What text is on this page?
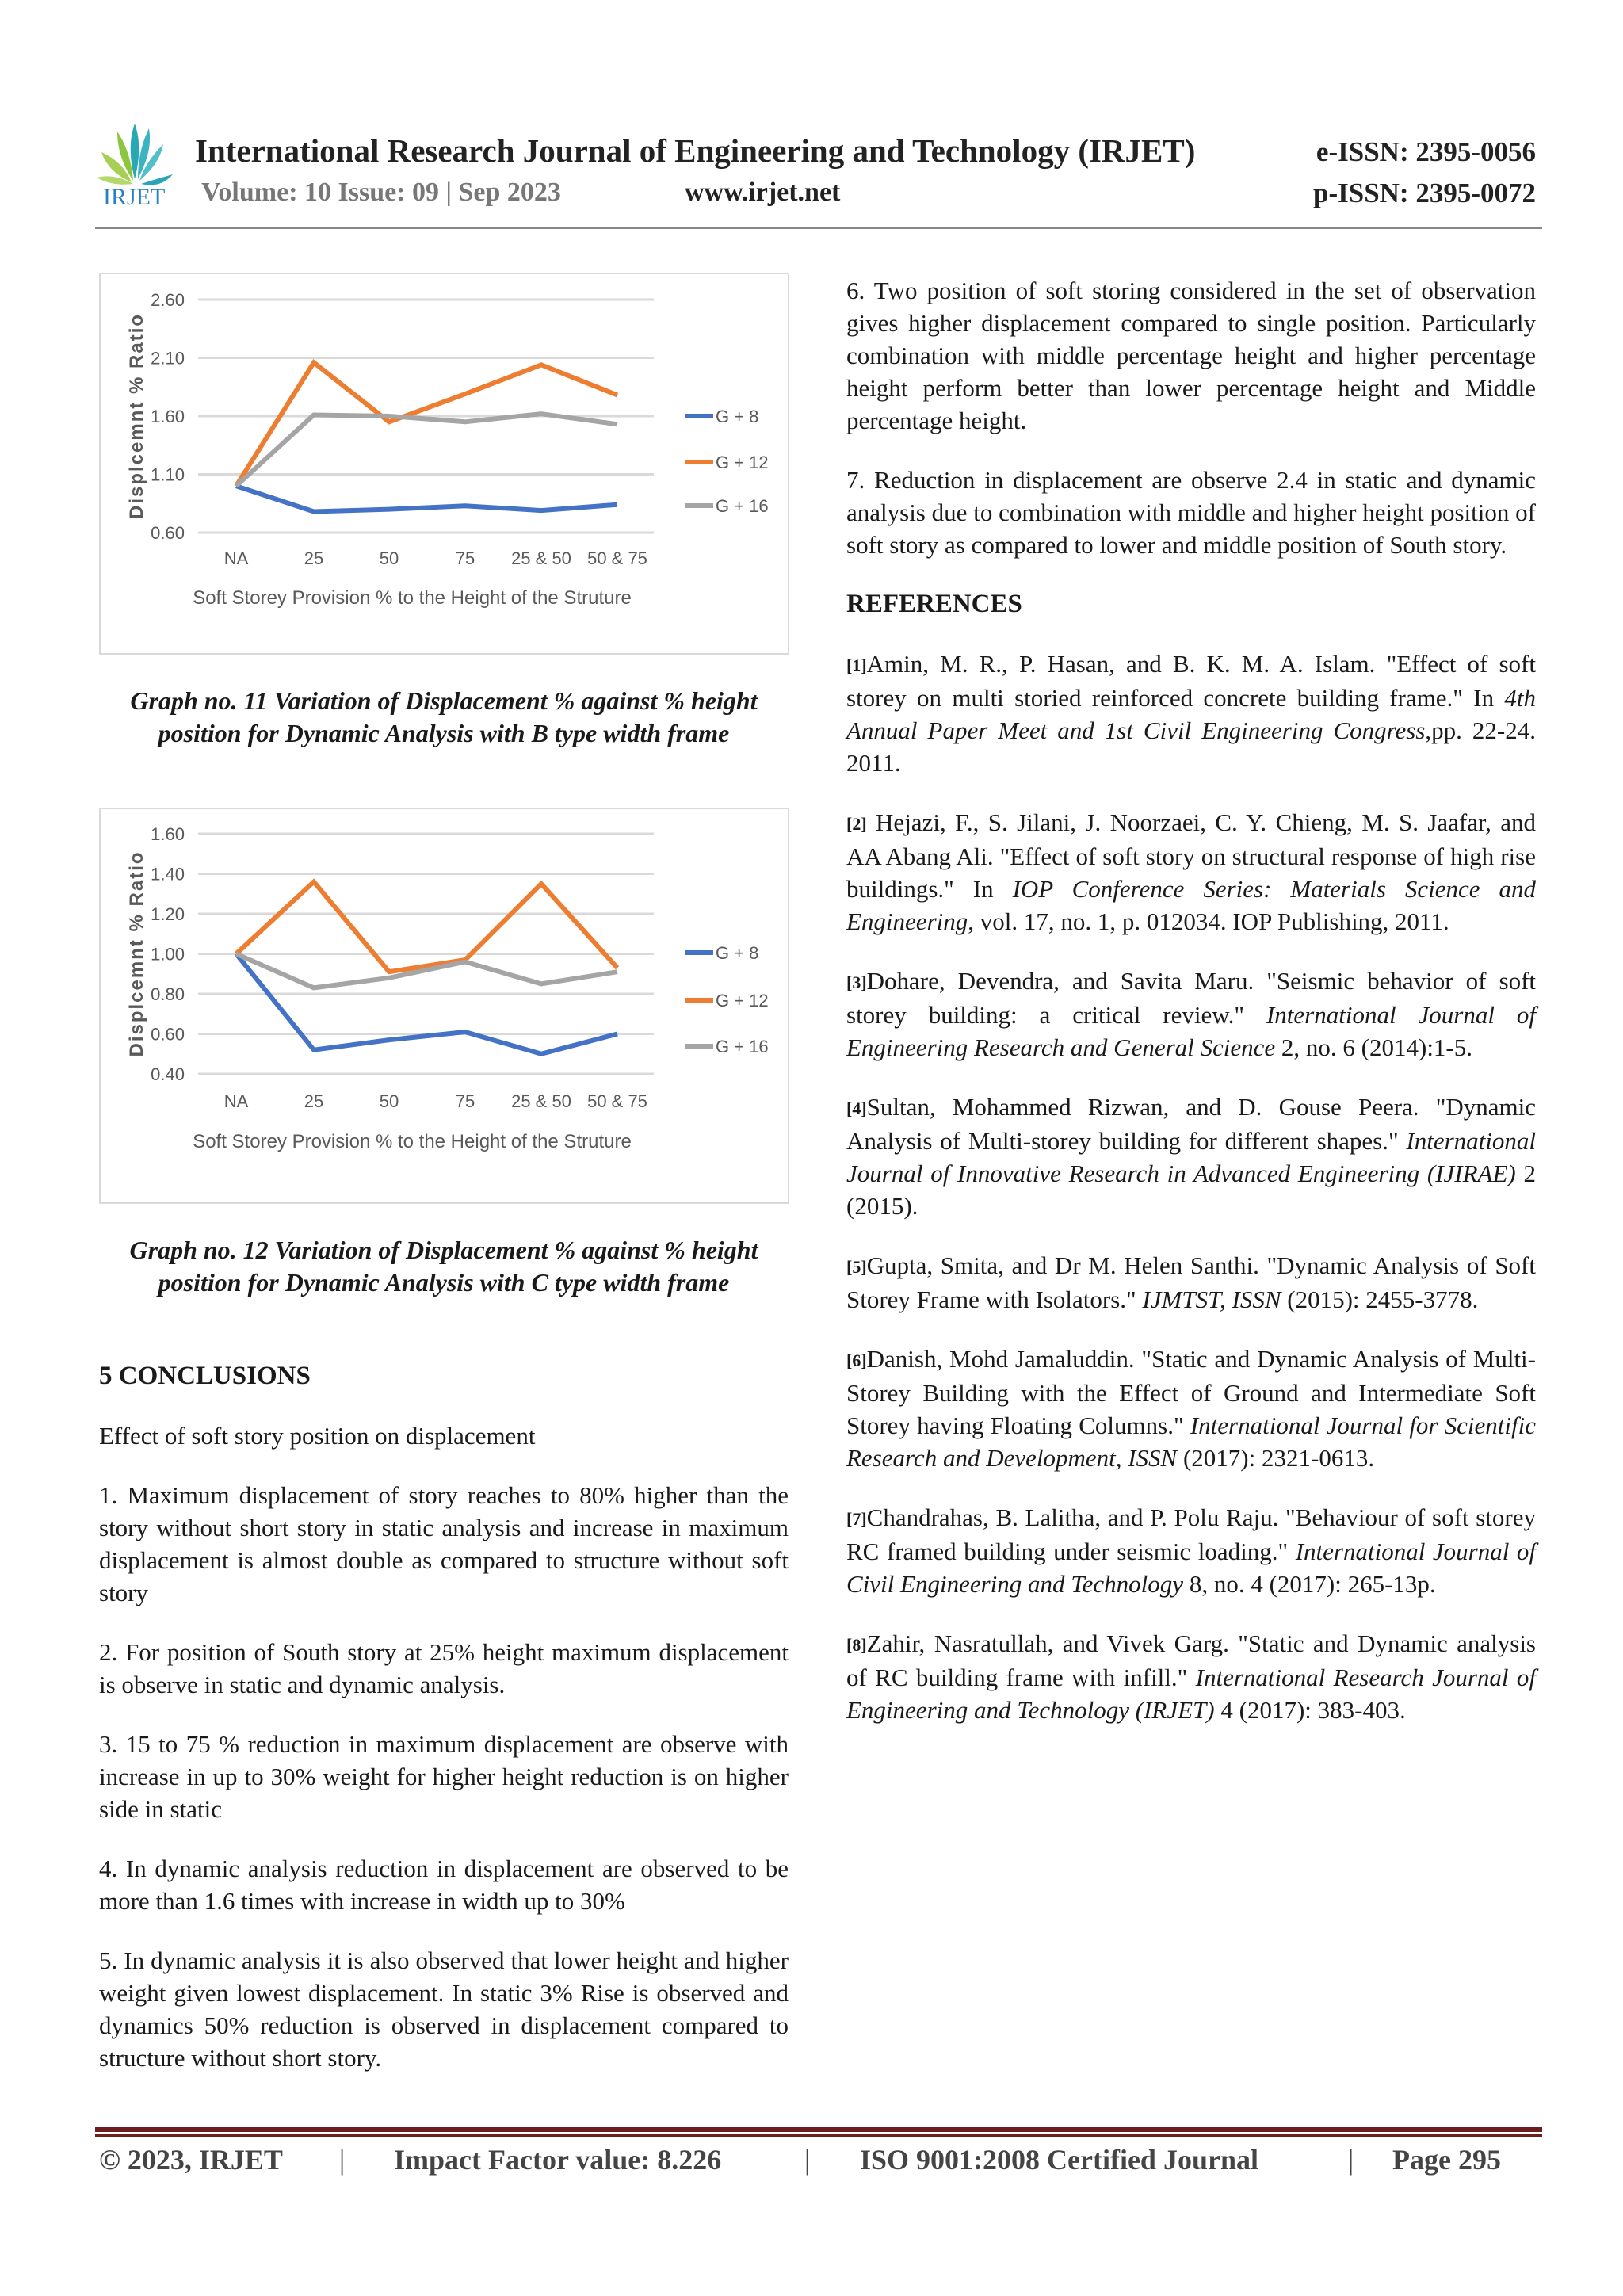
IRJET
International Research Journal of Engineering and Technology (IRJET)
Volume: 10 Issue: 09 | Sep 2023	www.irjet.net
e-ISSN: 2395-0056
p-ISSN: 2395-0072
0.60
1.10
1.60
2.10
2.60
NA	25	50	75 25 & 50 50 & 75
Soft Storey Provision % to the Height of the Struture
Displcemnt % Ratio	G + 8
G + 12
G + 16
Graph no. 11 Variation of Displacement % against % height position for Dynamic Analysis with B type width frame
0.40
0.60
0.80
1.00
1.20
1.40
1.60
NA	25	50	75 25 & 50 50 & 75
Soft Storey Provision % to the Height of the Struture
Displcemnt % Ratio	G + 8
G + 12
G + 16
Graph no. 12 Variation of Displacement % against % height position for Dynamic Analysis with C type width frame
5 CONCLUSIONS

Effect of soft story position on displacement

1. Maximum displacement of story reaches to 80% higher than the story without short story in static analysis and increase in maximum displacement is almost double as compared to structure without soft story

2. For position of South story at 25% height maximum displacement is observe in static and dynamic analysis.

3. 15 to 75 % reduction in maximum displacement are observe with increase in up to 30% weight for higher height reduction is on higher side in static

4. In dynamic analysis reduction in displacement are observed to be more than 1.6 times with increase in width up to 30%

5. In dynamic analysis it is also observed that lower height and higher weight given lowest displacement. In static 3% Rise is observed and dynamics 50% reduction is observed in displacement compared to structure without short story.

6. Two position of soft storing considered in the set of observation gives higher displacement compared to single position. Particularly combination with middle percentage height and higher percentage height perform better than lower percentage height and Middle percentage height.

7. Reduction in displacement are observe 2.4 in static and dynamic analysis due to combination with middle and higher height position of soft story as compared to lower and middle position of South story.

REFERENCES

[1]Amin, M. R., P. Hasan, and B. K. M. A. Islam. "Effect of soft storey on multi storied reinforced concrete building frame." In 4th Annual Paper Meet and 1st Civil Engineering Congress,pp. 22-24. 2011.

[2] Hejazi, F., S. Jilani, J. Noorzaei, C. Y. Chieng, M. S. Jaafar, and AA Abang Ali. "Effect of soft story on structural response of high rise buildings." In IOP Conference Series: Materials Science and Engineering, vol. 17, no. 1, p. 012034. IOP Publishing, 2011.

[3]Dohare, Devendra, and Savita Maru. "Seismic behavior of soft storey building: a critical review." International Journal of Engineering Research and General Science 2, no. 6 (2014):1-5.

[4]Sultan, Mohammed Rizwan, and D. Gouse Peera. "Dynamic Analysis of Multi-storey building for different shapes." International Journal of Innovative Research in Advanced Engineering (IJIRAE) 2 (2015).

[5]Gupta, Smita, and Dr M. Helen Santhi. "Dynamic Analysis of Soft Storey Frame with Isolators." IJMTST, ISSN (2015): 2455-3778.

[6]Danish, Mohd Jamaluddin. "Static and Dynamic Analysis of Multi-Storey Building with the Effect of Ground and Intermediate Soft Storey having Floating Columns." International Journal for Scientific Research and Development, ISSN (2017): 2321-0613.

[7]Chandrahas, B. Lalitha, and P. Polu Raju. "Behaviour of soft storey RC framed building under seismic loading." International Journal of Civil Engineering and Technology 8, no. 4 (2017): 265-13p.

[8]Zahir, Nasratullah, and Vivek Garg. "Static and Dynamic analysis of RC building frame with infill." International Research Journal of Engineering and Technology (IRJET) 4 (2017): 383-403.

© 2023, IRJET | Impact Factor value: 8.226	| ISO 9001:2008 Certified Journal	| Page 295
